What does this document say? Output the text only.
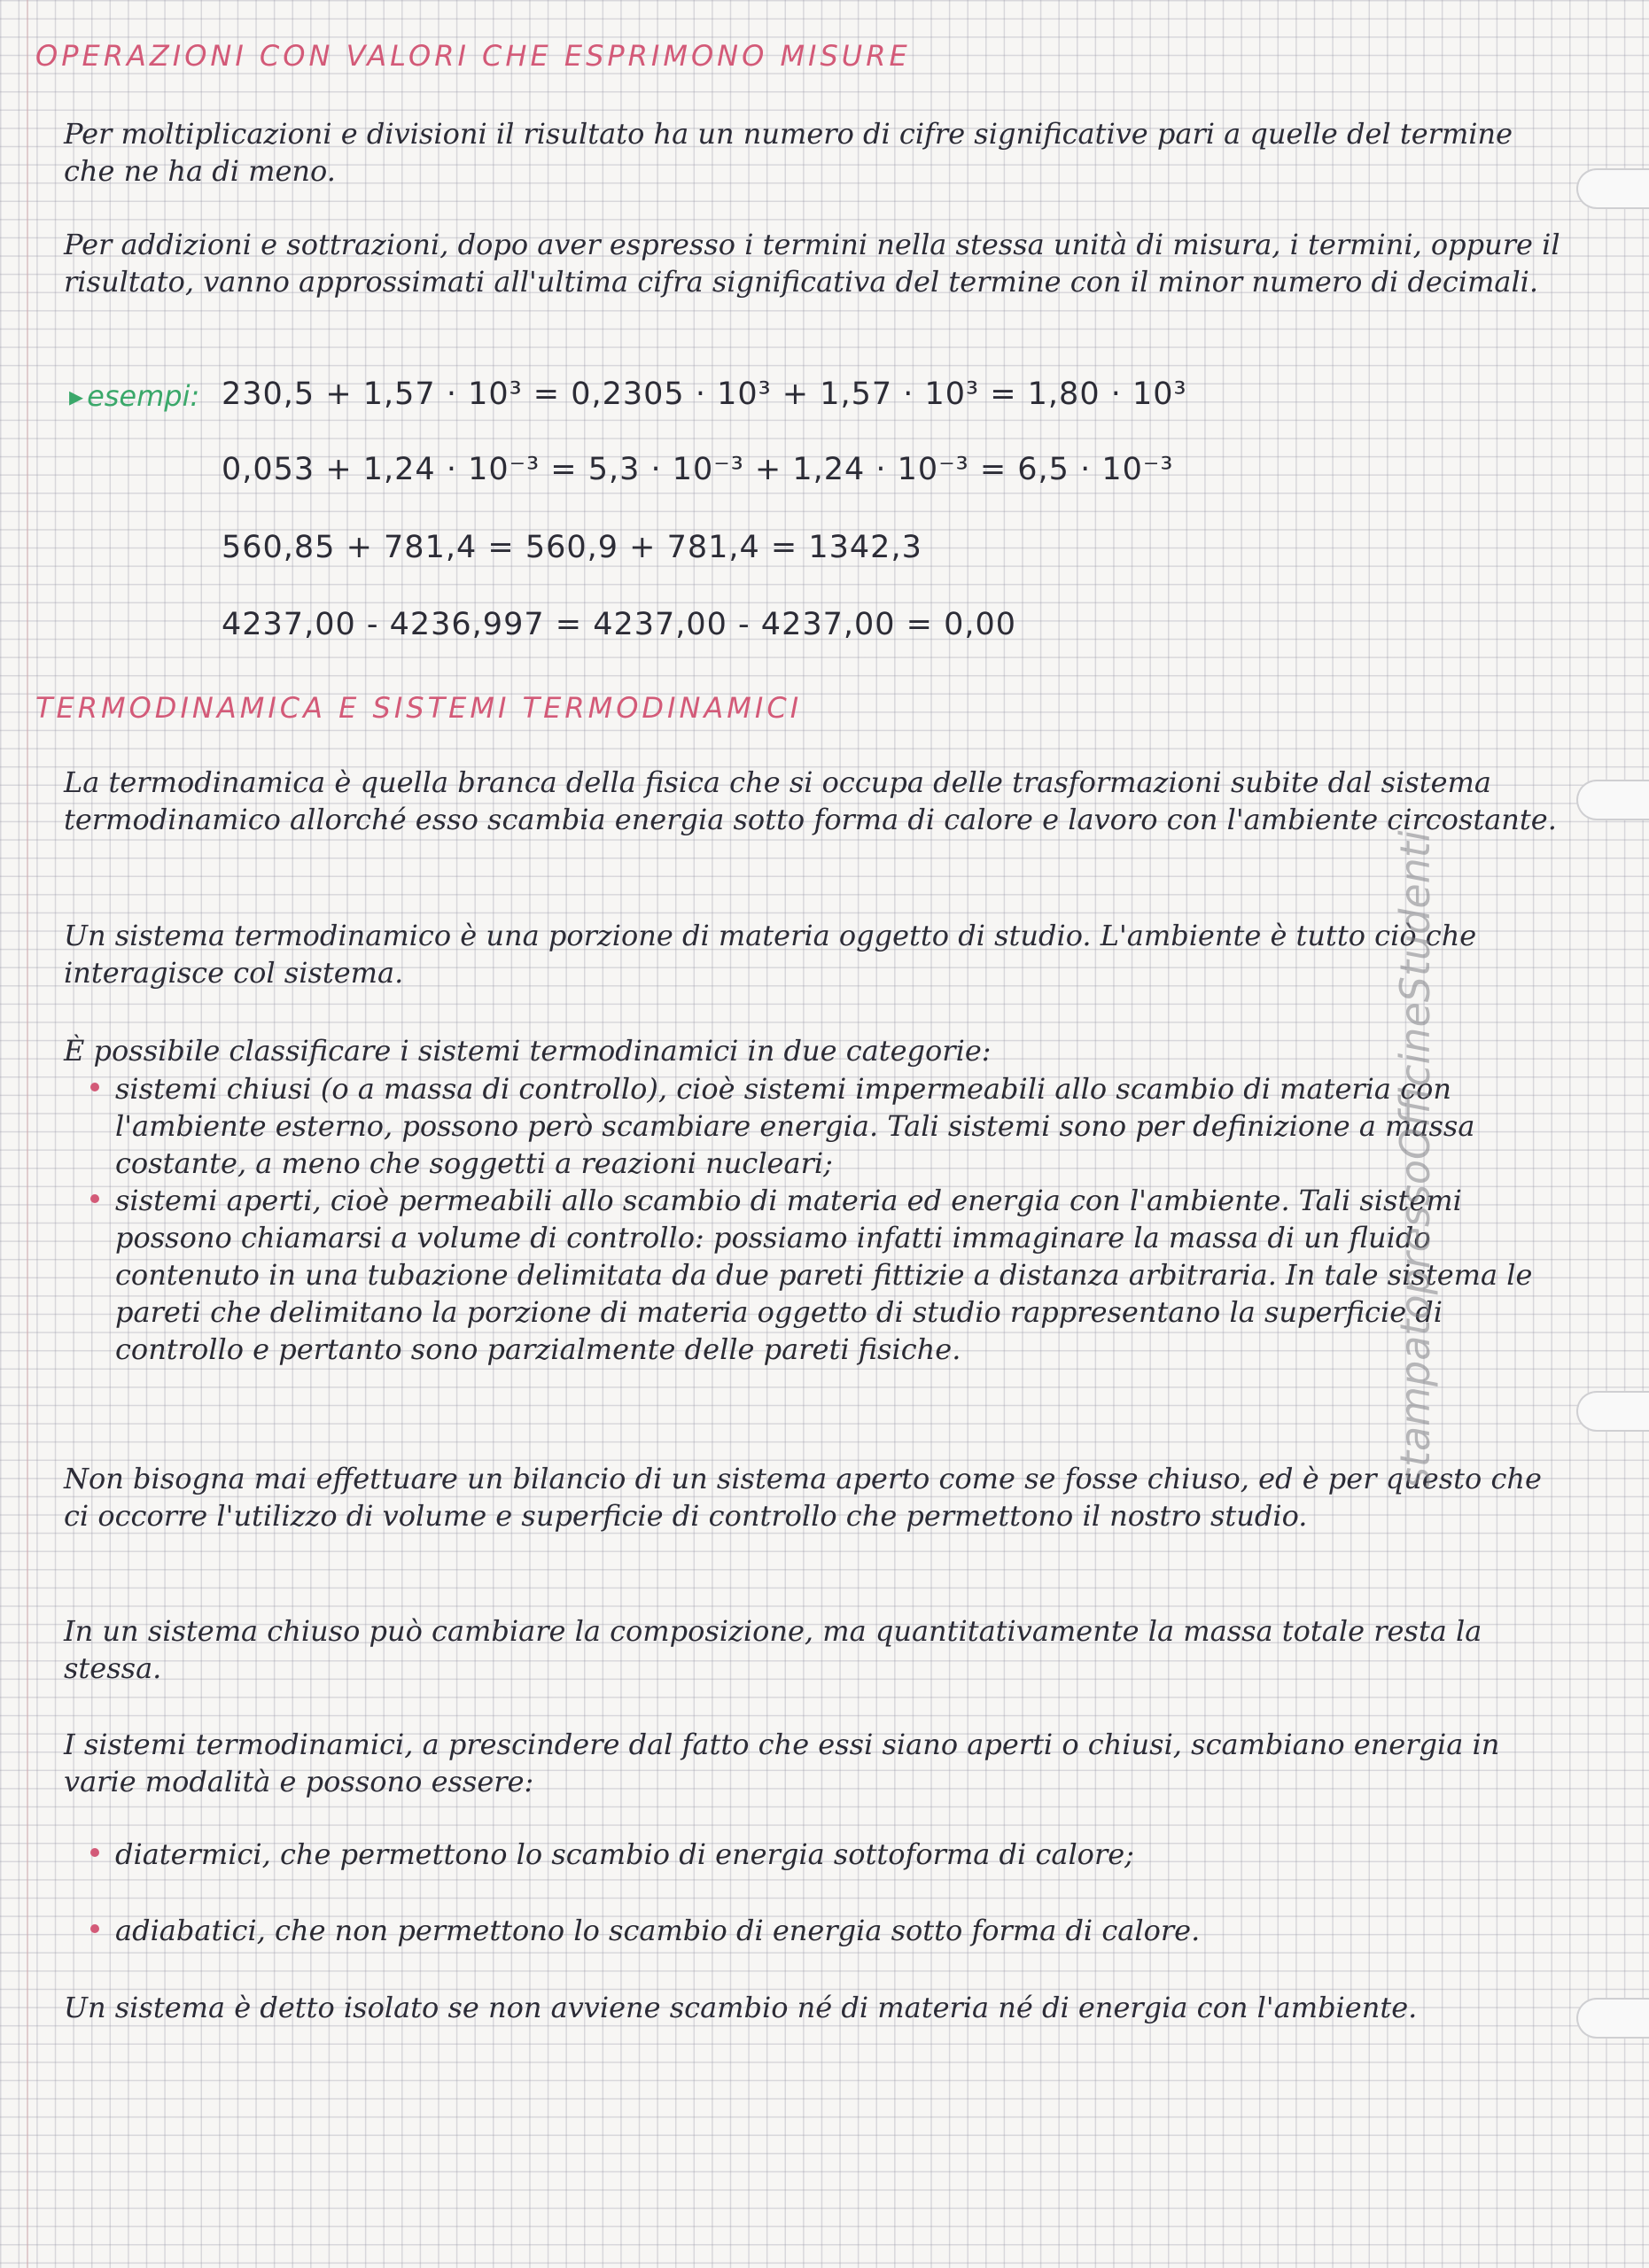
OPERAZIONI CON VALORI CHE ESPRIMONO MISURE

Per moltiplicazioni e divisioni il risultato ha un numero di cifre significative pari a quelle del termine che ne ha di meno.

Per addizioni e sottrazioni, dopo aver espresso i termini nella stessa unità di misura, i termini, oppure il risultato, vanno approssimati all'ultima cifra significativa del termine con il minor numero di decimali.

▸ esempi: 230,5 + 1,57 · 10³ = 0,2305 · 10³ + 1,57 · 10³ = 1,80 · 10³
0,053 + 1,24 · 10⁻³ = 5,3 · 10⁻³ + 1,24 · 10⁻³ = 6,5 · 10⁻³
560,85 + 781,4 = 560,9 + 781,4 = 1342,3
4237,00 - 4236,997 = 4237,00 - 4237,00 = 0,00
TERMODINAMICA E SISTEMI TERMODINAMICI

La termodinamica è quella branca della fisica che si occupa delle trasformazioni subite dal sistema termodinamico allorché esso scambia energia sotto forma di calore e lavoro con l'ambiente circostante.

Un sistema termodinamico è una porzione di materia oggetto di studio. L'ambiente è tutto ciò che interagisce col sistema.

È possibile classificare i sistemi termodinamici in due categorie:

sistemi chiusi (o a massa di controllo), cioè sistemi impermeabili allo scambio di materia con l'ambiente esterno, possono però scambiare energia. Tali sistemi sono per definizione a massa costante, a meno che soggetti a reazioni nucleari;
sistemi aperti, cioè permeabili allo scambio di materia ed energia con l'ambiente. Tali sistemi possono chiamarsi a volume di controllo: possiamo infatti immaginare la massa di un fluido contenuto in una tubazione delimitata da due pareti fittizie a distanza arbitraria. In tale sistema le pareti che delimitano la porzione di materia oggetto di studio rappresentano la superficie di controllo e pertanto sono parzialmente delle pareti fisiche.

Non bisogna mai effettuare un bilancio di un sistema aperto come se fosse chiuso, ed è per questo che ci occorre l'utilizzo di volume e superficie di controllo che permettono il nostro studio.

In un sistema chiuso può cambiare la composizione, ma quantitativamente la massa totale resta la stessa.

I sistemi termodinamici, a prescindere dal fatto che essi siano aperti o chiusi, scambiano energia in varie modalità e possono essere:

diatermici, che permettono lo scambio di energia sottoforma di calore;
adiabatici, che non permettono lo scambio di energia sotto forma di calore.

Un sistema è detto isolato se non avviene scambio né di materia né di energia con l'ambiente.

stampatopressoOfficineStudenti
